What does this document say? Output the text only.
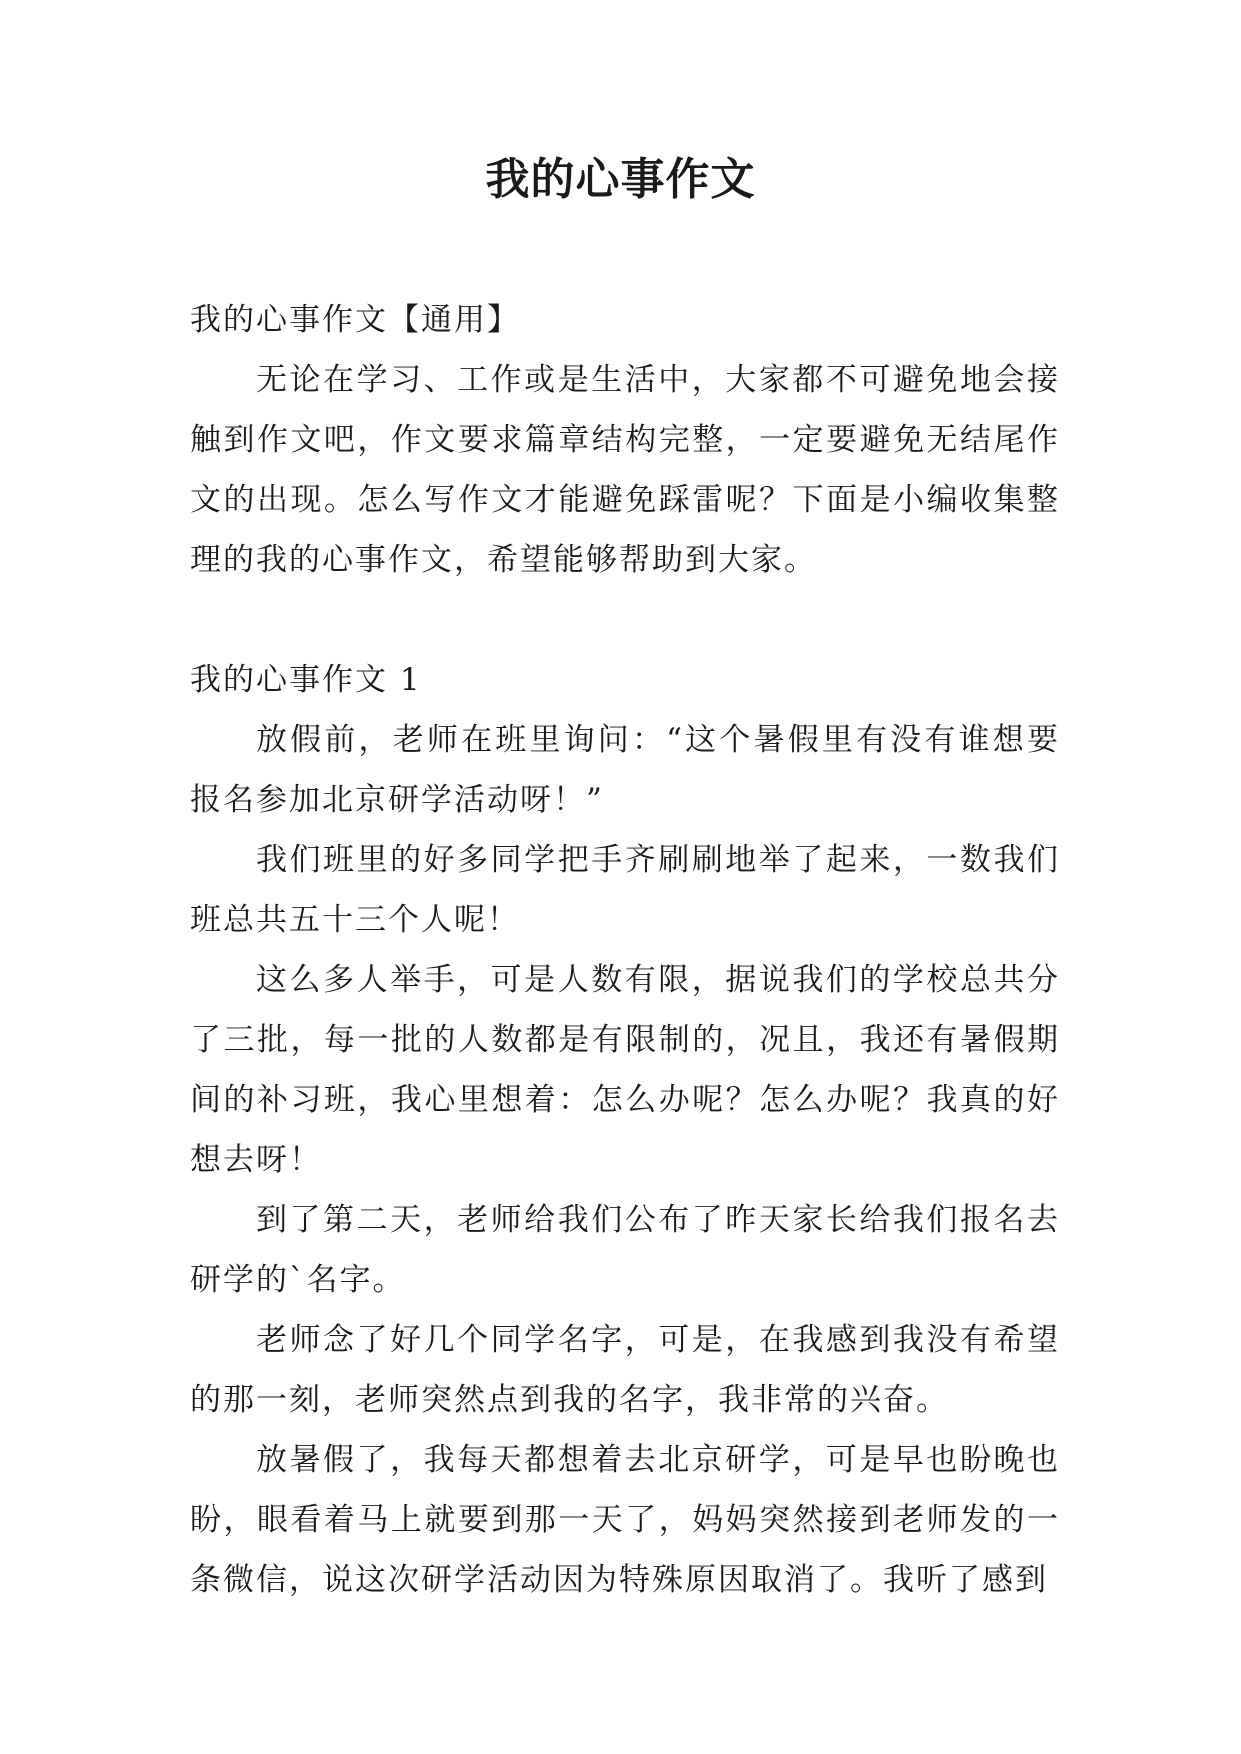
我的心事作文

我的心事作文【通用】

无论在学习、工作或是生活中，大家都不可避免地会接触到作文吧，作文要求篇章结构完整，一定要避免无结尾作文的出现。怎么写作文才能避免踩雷呢？下面是小编收集整理的我的心事作文，希望能够帮助到大家。

我的心事作文 1

放假前，老师在班里询问：“这个暑假里有没有谁想要报名参加北京研学活动呀！”

我们班里的好多同学把手齐刷刷地举了起来，一数我们班总共五十三个人呢！

这么多人举手，可是人数有限，据说我们的学校总共分了三批，每一批的人数都是有限制的，况且，我还有暑假期间的补习班，我心里想着：怎么办呢？怎么办呢？我真的好想去呀！

到了第二天，老师给我们公布了昨天家长给我们报名去研学的`名字。

老师念了好几个同学名字，可是，在我感到我没有希望的那一刻，老师突然点到我的名字，我非常的兴奋。

放暑假了，我每天都想着去北京研学，可是早也盼晚也盼，眼看着马上就要到那一天了，妈妈突然接到老师发的一条微信，说这次研学活动因为特殊原因取消了。我听了感到
